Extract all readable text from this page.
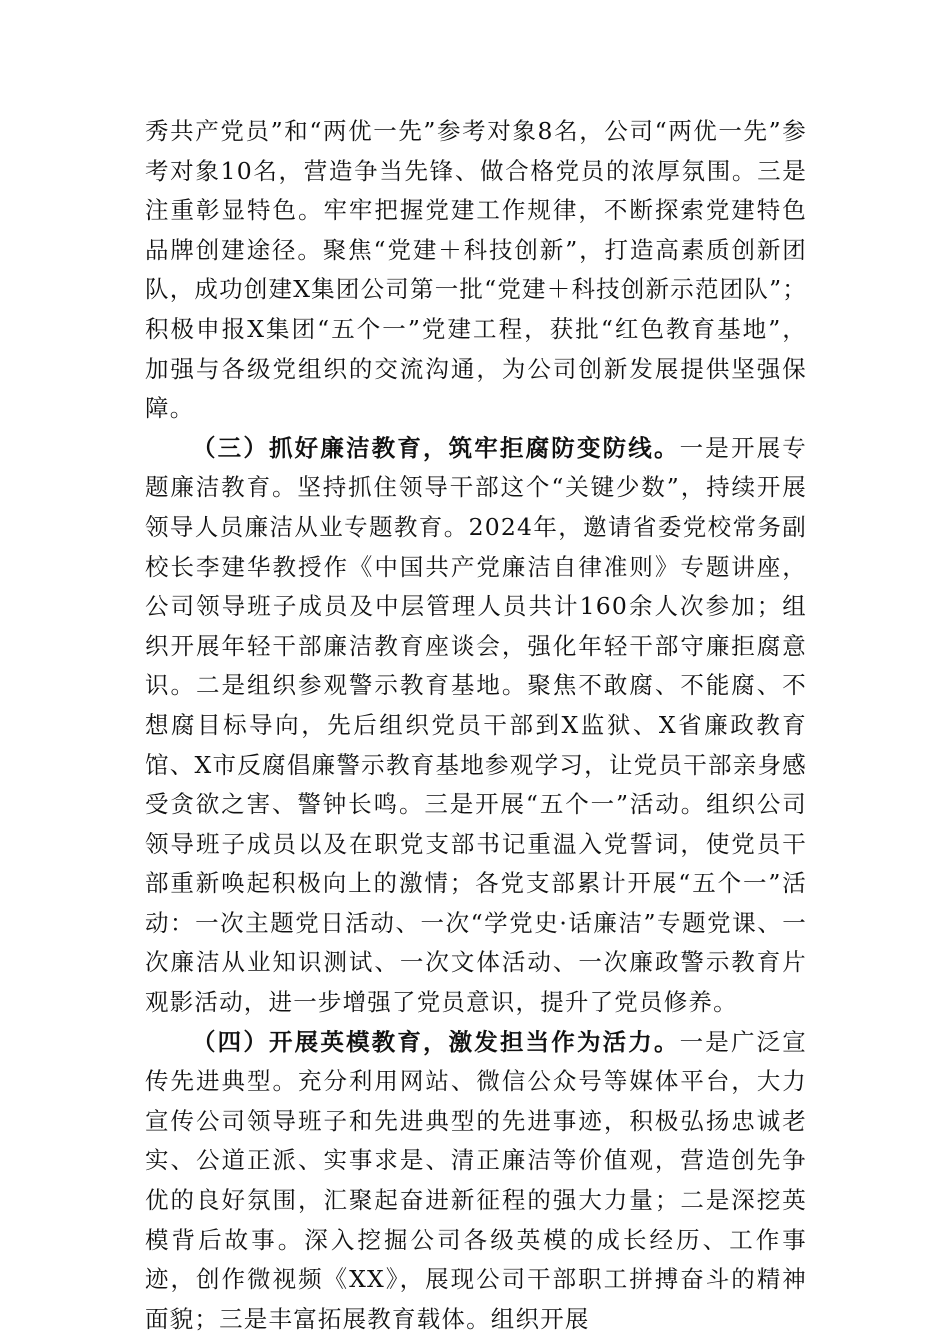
秀共产党员”和“两优一先”参考对象8名，公司“两优一先”参考对象10名，营造争当先锋、做合格党员的浓厚氛围。三是注重彰显特色。牢牢把握党建工作规律，不断探索党建特色品牌创建途径。聚焦“党建＋科技创新”，打造高素质创新团队，成功创建X集团公司第一批“党建＋科技创新示范团队”；积极申报X集团“五个一”党建工程，获批“红色教育基地”，加强与各级党组织的交流沟通，为公司创新发展提供坚强保障。

（三）抓好廉洁教育，筑牢拒腐防变防线。一是开展专题廉洁教育。坚持抓住领导干部这个“关键少数”，持续开展领导人员廉洁从业专题教育。2024年，邀请省委党校常务副校长李建华教授作《中国共产党廉洁自律准则》专题讲座，公司领导班子成员及中层管理人员共计160余人次参加；组织开展年轻干部廉洁教育座谈会，强化年轻干部守廉拒腐意识。二是组织参观警示教育基地。聚焦不敢腐、不能腐、不想腐目标导向，先后组织党员干部到X监狱、X省廉政教育馆、X市反腐倡廉警示教育基地参观学习，让党员干部亲身感受贪欲之害、警钟长鸣。三是开展“五个一”活动。组织公司领导班子成员以及在职党支部书记重温入党誓词，使党员干部重新唤起积极向上的激情；各党支部累计开展“五个一”活动：一次主题党日活动、一次“学党史·话廉洁”专题党课、一次廉洁从业知识测试、一次文体活动、一次廉政警示教育片观影活动，进一步增强了党员意识，提升了党员修养。

（四）开展英模教育，激发担当作为活力。一是广泛宣传先进典型。充分利用网站、微信公众号等媒体平台，大力宣传公司领导班子和先进典型的先进事迹，积极弘扬忠诚老实、公道正派、实事求是、清正廉洁等价值观，营造创先争优的良好氛围，汇聚起奋进新征程的强大力量；二是深挖英模背后故事。深入挖掘公司各级英模的成长经历、工作事迹，创作微视频《XX》，展现公司干部职工拼搏奋斗的精神面貌；三是丰富拓展教育载体。组织开展
